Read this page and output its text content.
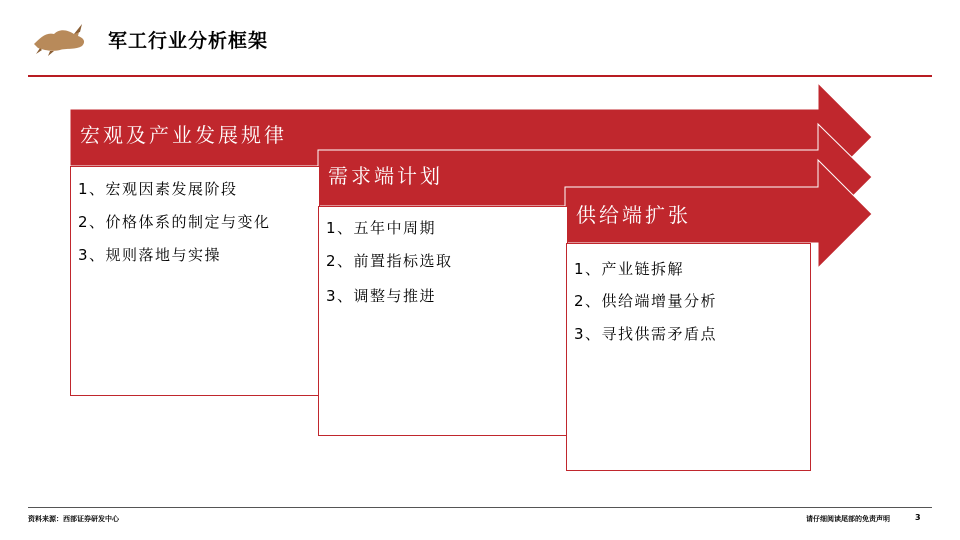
军工行业分析框架
宏观及产业发展规律
1、宏观因素发展阶段
2、价格体系的制定与变化
3、规则落地与实操
需求端计划
1、五年中周期
2、前置指标选取
3、调整与推进
供给端扩张
1、产业链拆解
2、供给端增量分析
3、寻找供需矛盾点
资料来源：西部证券研发中心	请仔细阅读尾部的免责声明	3
